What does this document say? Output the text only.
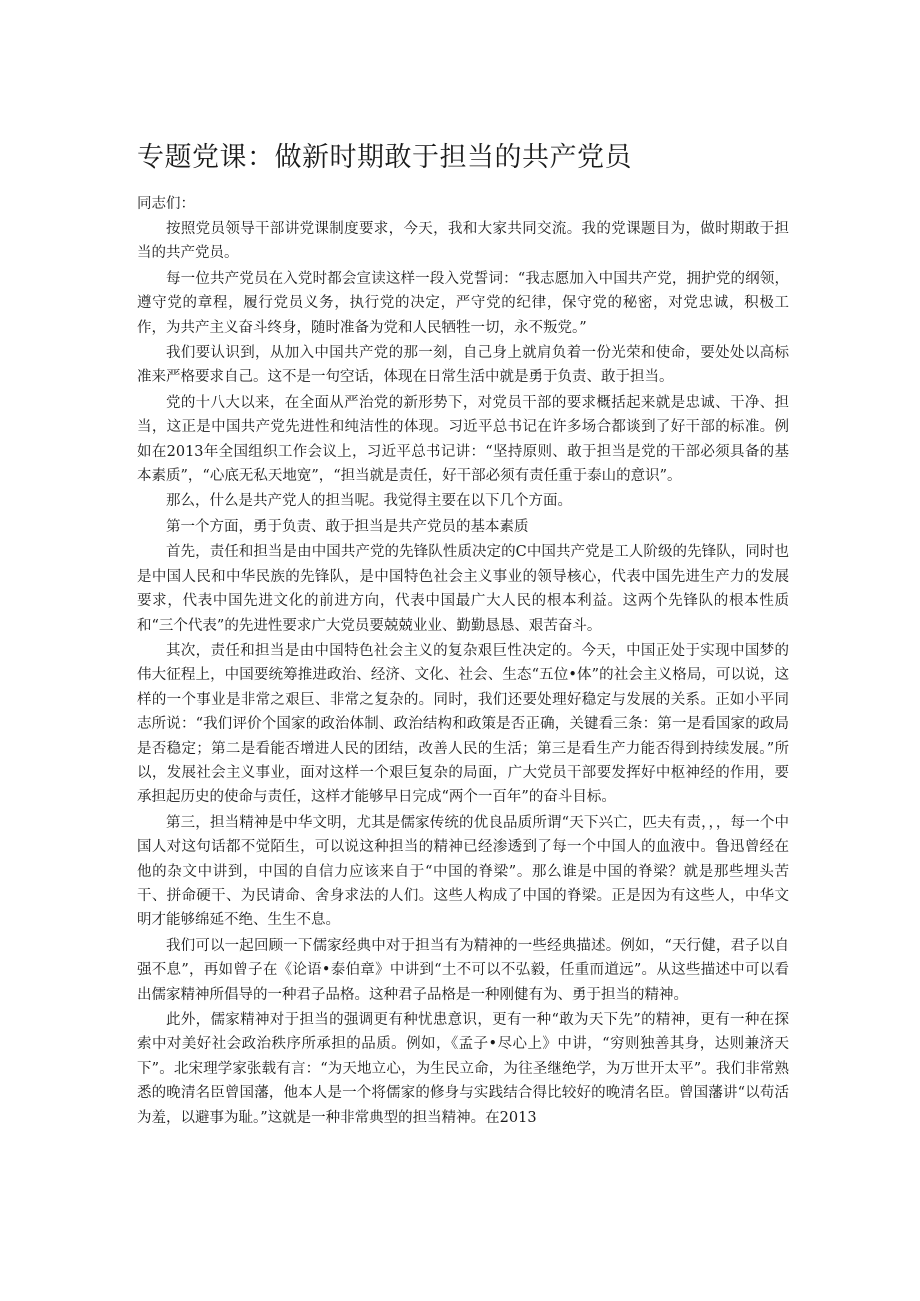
专题党课：做新时期敢于担当的共产党员

同志们：

按照党员领导干部讲党课制度要求，今天，我和大家共同交流。我的党课题目为，做时期敢于担当的共产党员。

每一位共产党员在入党时都会宣读这样一段入党誓词：“我志愿加入中国共产党，拥护党的纲领，遵守党的章程，履行党员义务，执行党的决定，严守党的纪律，保守党的秘密，对党忠诚，积极工作，为共产主义奋斗终身，随时准备为党和人民牺牲一切，永不叛党。”

我们要认识到，从加入中国共产党的那一刻，自己身上就肩负着一份光荣和使命，要处处以高标准来严格要求自己。这不是一句空话，体现在日常生活中就是勇于负责、敢于担当。

党的十八大以来，在全面从严治党的新形势下，对党员干部的要求概括起来就是忠诚、干净、担当，这正是中国共产党先进性和纯洁性的体现。习近平总书记在许多场合都谈到了好干部的标准。例如在2013年全国组织工作会议上，习近平总书记讲：“坚持原则、敢于担当是党的干部必须具备的基本素质”，“心底无私天地宽”，“担当就是责任，好干部必须有责任重于泰山的意识”。

那么，什么是共产党人的担当呢。我觉得主要在以下几个方面。

第一个方面，勇于负责、敢于担当是共产党员的基本素质

首先，责任和担当是由中国共产党的先锋队性质决定的C中国共产党是工人阶级的先锋队，同时也是中国人民和中华民族的先锋队，是中国特色社会主义事业的领导核心，代表中国先进生产力的发展要求，代表中国先进文化的前进方向，代表中国最广大人民的根本利益。这两个先锋队的根本性质和“三个代表”的先进性要求广大党员要兢兢业业、勤勤恳恳、艰苦奋斗。

其次，责任和担当是由中国特色社会主义的复杂艰巨性决定的。今天，中国正处于实现中国梦的伟大征程上，中国要统筹推进政治、经济、文化、社会、生态“五位•体”的社会主义格局，可以说，这样的一个事业是非常之艰巨、非常之复杂的。同时，我们还要处理好稳定与发展的关系。正如小平同志所说：“我们评价个国家的政治体制、政治结构和政策是否正确，关键看三条：第一是看国家的政局是否稳定；第二是看能否增进人民的团结，改善人民的生活；第三是看生产力能否得到持续发展。”所以，发展社会主义事业，面对这样一个艰巨复杂的局面，广大党员干部要发挥好中枢神经的作用，要承担起历史的使命与责任，这样才能够早日完成“两个一百年”的奋斗目标。

第三，担当精神是中华文明，尤其是儒家传统的优良品质所谓“天下兴亡，匹夫有责，，，每一个中国人对这句话都不觉陌生，可以说这种担当的精神已经渗透到了每一个中国人的血液中。鲁迅曾经在他的杂文中讲到，中国的自信力应该来自于“中国的脊梁”。那么谁是中国的脊梁？就是那些埋头苦干、拼命硬干、为民请命、舍身求法的人们。这些人构成了中国的脊梁。正是因为有这些人，中华文明才能够绵延不绝、生生不息。

我们可以一起回顾一下儒家经典中对于担当有为精神的一些经典描述。例如，“天行健，君子以自强不息”，再如曾子在《论语•泰伯章》中讲到“土不可以不弘毅，任重而道远”。从这些描述中可以看出儒家精神所倡导的一种君子品格。这种君子品格是一种刚健有为、勇于担当的精神。

此外，儒家精神对于担当的强调更有种忧患意识，更有一种“敢为天下先”的精神，更有一种在探索中对美好社会政治秩序所承担的品质。例如，《孟子•尽心上》中讲，“穷则独善其身，达则兼济天下”。北宋理学家张载有言：“为天地立心，为生民立命，为往圣继绝学，为万世开太平”。我们非常熟悉的晚清名臣曾国藩，他本人是一个将儒家的修身与实践结合得比较好的晚清名臣。曾国藩讲“以苟活为羞，以避事为耻。”这就是一种非常典型的担当精神。在2013
